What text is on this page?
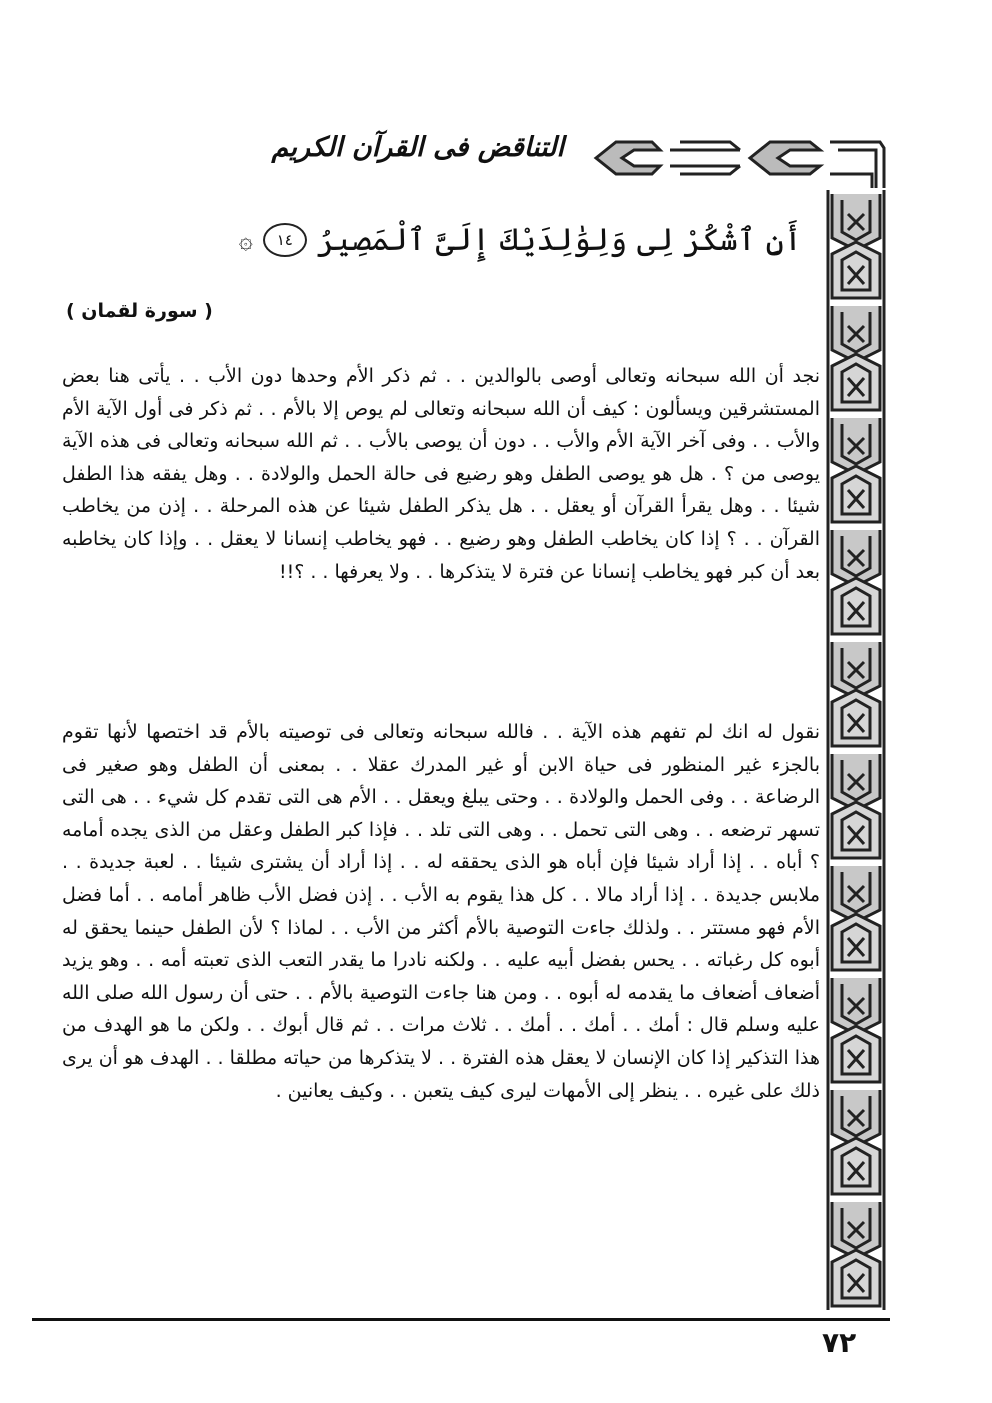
التناقض فى القرآن الكريم
أَنِ ٱشْكُرْ لِى وَلِوَٰلِدَيْكَ إِلَىَّ ٱلْمَصِيرُ
١٤
۞
( سورة لقمان )

نجد أن الله سبحانه وتعالى أوصى بالوالدين . . ثم ذكر الأم وحدها دون الأب . . يأتى هنا بعض المستشرقين ويسألون : كيف أن الله سبحانه وتعالى لم يوص إلا بالأم . . ثم ذكر فى أول الآية الأم والأب . . وفى آخر الآية الأم والأب . . دون أن يوصى بالأب . . ثم الله سبحانه وتعالى فى هذه الآية يوصى من ؟ . هل هو يوصى الطفل وهو رضيع فى حالة الحمل والولادة . . وهل يفقه هذا الطفل شيئا . . وهل يقرأ القرآن أو يعقل . . هل يذكر الطفل شيئا عن هذه المرحلة . . إذن من يخاطب القرآن . . ؟ إذا كان يخاطب الطفل وهو رضيع . . فهو يخاطب إنسانا لا يعقل . . وإذا كان يخاطبه بعد أن كبر فهو يخاطب إنسانا عن فترة لا يتذكرها . . ولا يعرفها . . ؟!!

نقول له انك لم تفهم هذه الآية . . فالله سبحانه وتعالى فى توصيته بالأم قد اختصها لأنها تقوم بالجزء غير المنظور فى حياة الابن أو غير المدرك عقلا . . بمعنى أن الطفل وهو صغير فى الرضاعة . . وفى الحمل والولادة . . وحتى يبلغ ويعقل . . الأم هى التى تقدم كل شيء . . هى التى تسهر ترضعه . . وهى التى تحمل . . وهى التى تلد . . فإذا كبر الطفل وعقل من الذى يجده أمامه ؟ أباه . . إذا أراد شيئا فإن أباه هو الذى يحققه له . . إذا أراد أن يشترى شيئا . . لعبة جديدة . . ملابس جديدة . . إذا أراد مالا . . كل هذا يقوم به الأب . . إذن فضل الأب ظاهر أمامه . . أما فضل الأم فهو مستتر . . ولذلك جاءت التوصية بالأم أكثر من الأب . . لماذا ؟ لأن الطفل حينما يحقق له أبوه كل رغباته . . يحس بفضل أبيه عليه . . ولكنه نادرا ما يقدر التعب الذى تعبته أمه . . وهو يزيد أضعاف أضعاف ما يقدمه له أبوه . . ومن هنا جاءت التوصية بالأم . . حتى أن رسول الله صلى الله عليه وسلم قال : أمك . . أمك . . أمك . . ثلاث مرات . . ثم قال أبوك . . ولكن ما هو الهدف من هذا التذكير إذا كان الإنسان لا يعقل هذه الفترة . . لا يتذكرها من حياته مطلقا . . الهدف هو أن يرى ذلك على غيره . . ينظر إلى الأمهات ليرى كيف يتعبن . . وكيف يعانين .

٧٢
